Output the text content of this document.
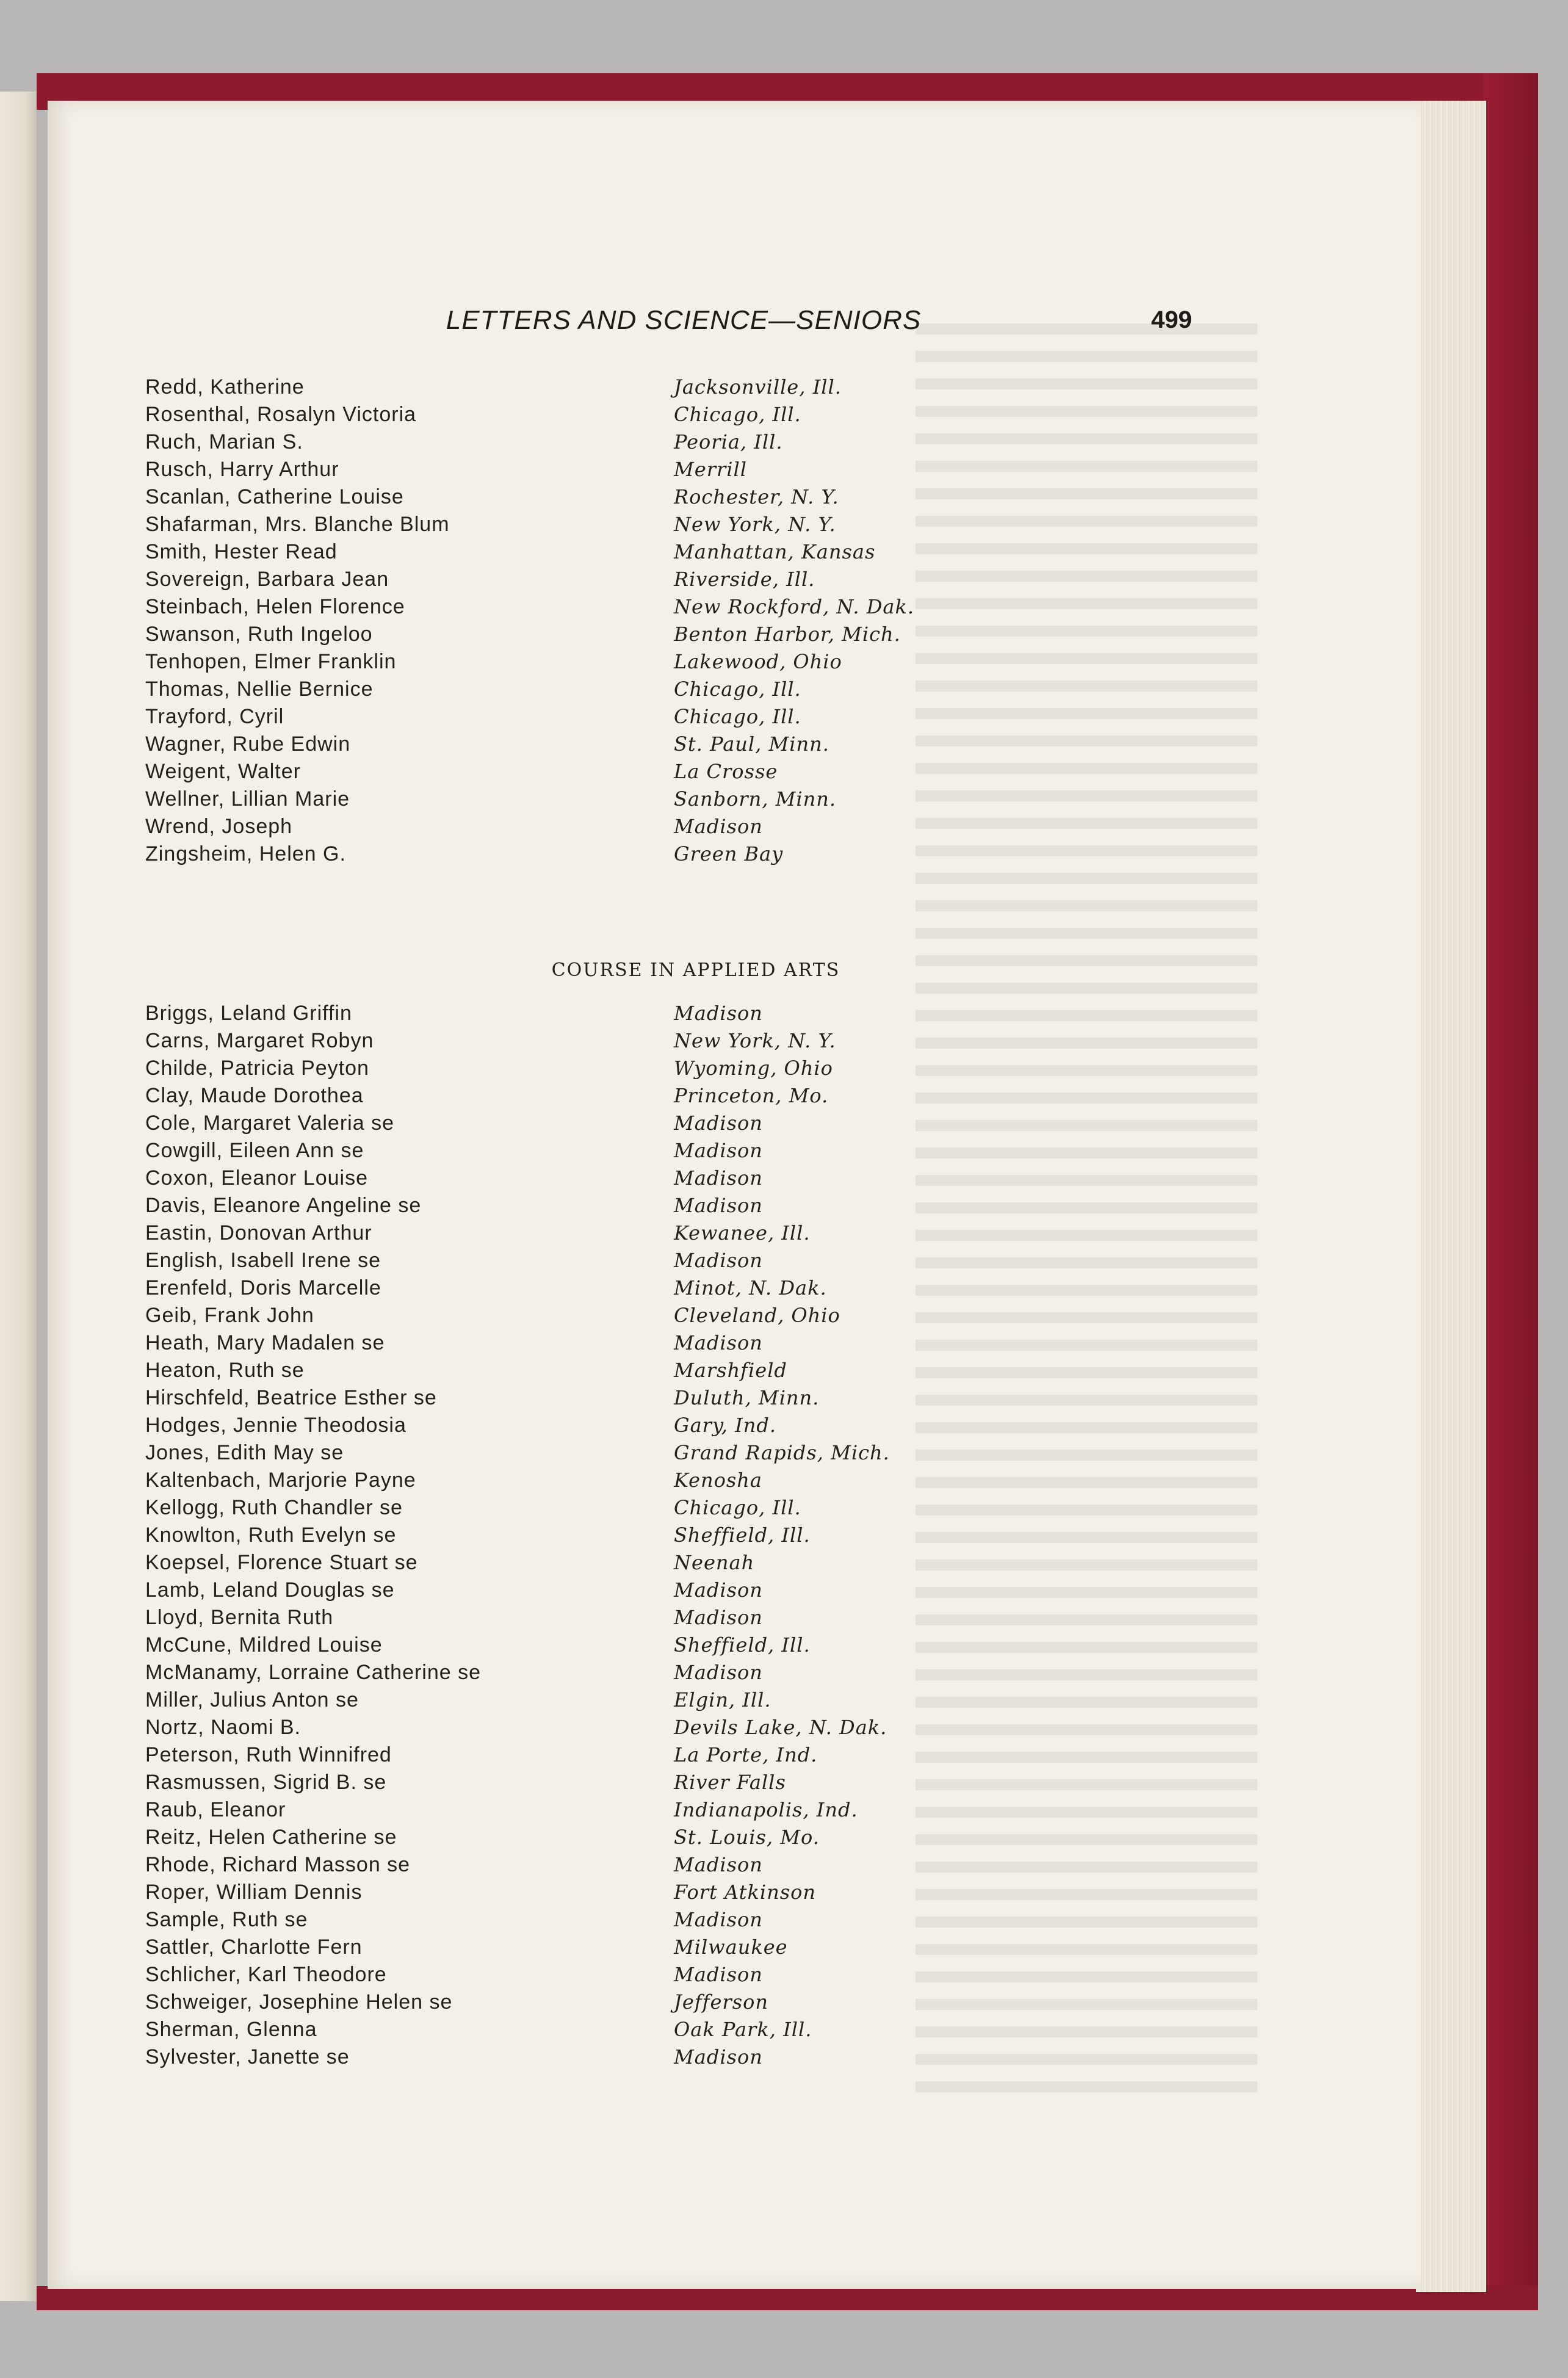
LETTERS AND SCIENCE—SENIORS	499
Redd, Katherine
Rosenthal, Rosalyn Victoria
Ruch, Marian S.
Rusch, Harry Arthur
Scanlan, Catherine Louise
Shafarman, Mrs. Blanche Blum
Smith, Hester Read
Sovereign, Barbara Jean
Steinbach, Helen Florence
Swanson, Ruth Ingeloo
Tenhopen, Elmer Franklin
Thomas, Nellie Bernice
Trayford, Cyril
Wagner, Rube Edwin
Weigent, Walter
Wellner, Lillian Marie
Wrend, Joseph
Zingsheim, Helen G.
Jacksonville, Ill.
Chicago, Ill.
Peoria, Ill.
Merrill
Rochester, N. Y.
New York, N. Y.
Manhattan, Kansas
Riverside, Ill.
New Rockford, N. Dak.
Benton Harbor, Mich.
Lakewood, Ohio
Chicago, Ill.
Chicago, Ill.
St. Paul, Minn.
La Crosse
Sanborn, Minn.
Madison
Green Bay
COURSE IN APPLIED ARTS
Briggs, Leland Griffin
Carns, Margaret Robyn
Childe, Patricia Peyton
Clay, Maude Dorothea
Cole, Margaret Valeria se
Cowgill, Eileen Ann se
Coxon, Eleanor Louise
Davis, Eleanore Angeline se
Eastin, Donovan Arthur
English, Isabell Irene se
Erenfeld, Doris Marcelle
Geib, Frank John
Heath, Mary Madalen se
Heaton, Ruth se
Hirschfeld, Beatrice Esther se
Hodges, Jennie Theodosia
Jones, Edith May se
Kaltenbach, Marjorie Payne
Kellogg, Ruth Chandler se
Knowlton, Ruth Evelyn se
Koepsel, Florence Stuart se
Lamb, Leland Douglas se
Lloyd, Bernita Ruth
McCune, Mildred Louise
McManamy, Lorraine Catherine se
Miller, Julius Anton se
Nortz, Naomi B.
Peterson, Ruth Winnifred
Rasmussen, Sigrid B. se
Raub, Eleanor
Reitz, Helen Catherine se
Rhode, Richard Masson se
Roper, William Dennis
Sample, Ruth se
Sattler, Charlotte Fern
Schlicher, Karl Theodore
Schweiger, Josephine Helen se
Sherman, Glenna
Sylvester, Janette se
Madison
New York, N. Y.
Wyoming, Ohio
Princeton, Mo.
Madison
Madison
Madison
Madison
Kewanee, Ill.
Madison
Minot, N. Dak.
Cleveland, Ohio
Madison
Marshfield
Duluth, Minn.
Gary, Ind.
Grand Rapids, Mich.
Kenosha
Chicago, Ill.
Sheffield, Ill.
Neenah
Madison
Madison
Sheffield, Ill.
Madison
Elgin, Ill.
Devils Lake, N. Dak.
La Porte, Ind.
River Falls
Indianapolis, Ind.
St. Louis, Mo.
Madison
Fort Atkinson
Madison
Milwaukee
Madison
Jefferson
Oak Park, Ill.
Madison
